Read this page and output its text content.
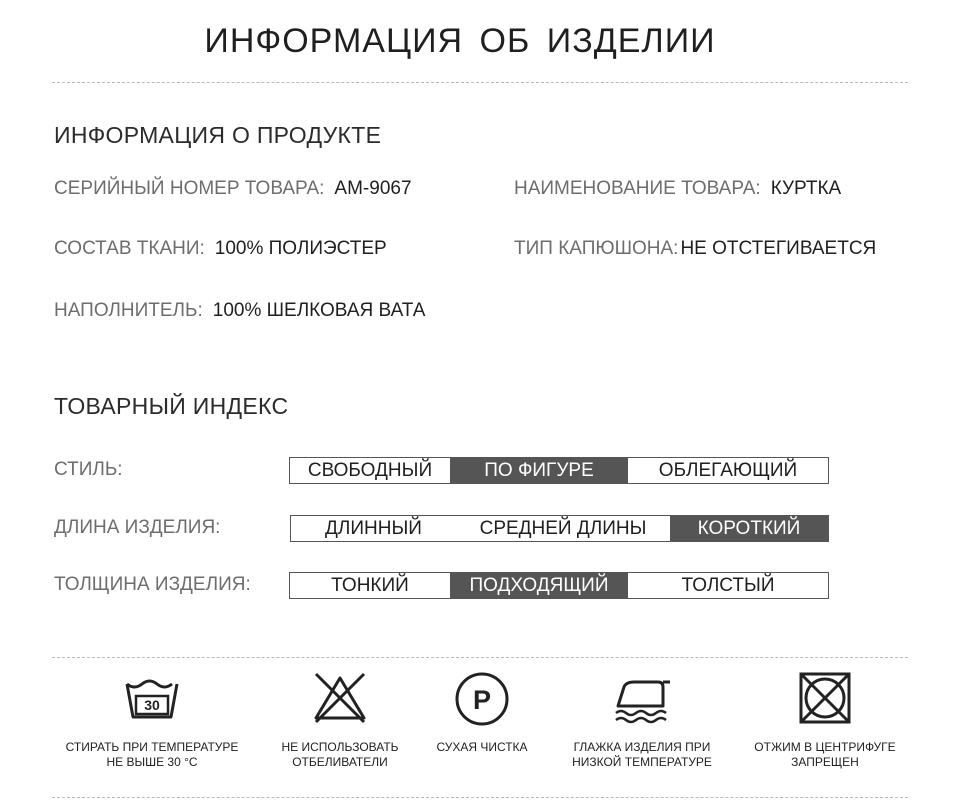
ИНФОРМАЦИЯ ОБ ИЗДЕЛИИ
ИНФОРМАЦИЯ О ПРОДУКТЕ
СЕРИЙНЫЙ НОМЕР ТОВАРА: AM-9067	НАИМЕНОВАНИЕ ТОВАРА: КУРТКА
СОСТАВ ТКАНИ: 100% ПОЛИЭСТЕР	ТИП КАПЮШОНА: НЕ ОТСТЕГИВАЕТСЯ
НАПОЛНИТЕЛЬ: 100% ШЕЛКОВАЯ ВАТА
ТОВАРНЫЙ ИНДЕКС
СТИЛЬ:	СВОБОДНЫЙ	ПО ФИГУРЕ	ОБЛЕГАЮЩИЙ
ДЛИНА ИЗДЕЛИЯ:	ДЛИННЫЙ	СРЕДНЕЙ ДЛИНЫ	КОРОТКИЙ
ТОЛЩИНА ИЗДЕЛИЯ:	ТОНКИЙ	ПОДХОДЯЩИЙ	ТОЛСТЫЙ
30
СТИРАТЬ ПРИ ТЕМПЕРАТУРЕ
НЕ ВЫШЕ 30 °С
НЕ ИСПОЛЬЗОВАТЬ
ОТБЕЛИВАТЕЛИ
P
СУХАЯ ЧИСТКА	ГЛАЖКА ИЗДЕЛИЯ ПРИ
НИЗКОЙ ТЕМПЕРАТУРЕ
ОТЖИМ В ЦЕНТРИФУГЕ
ЗАПРЕЩЕН
